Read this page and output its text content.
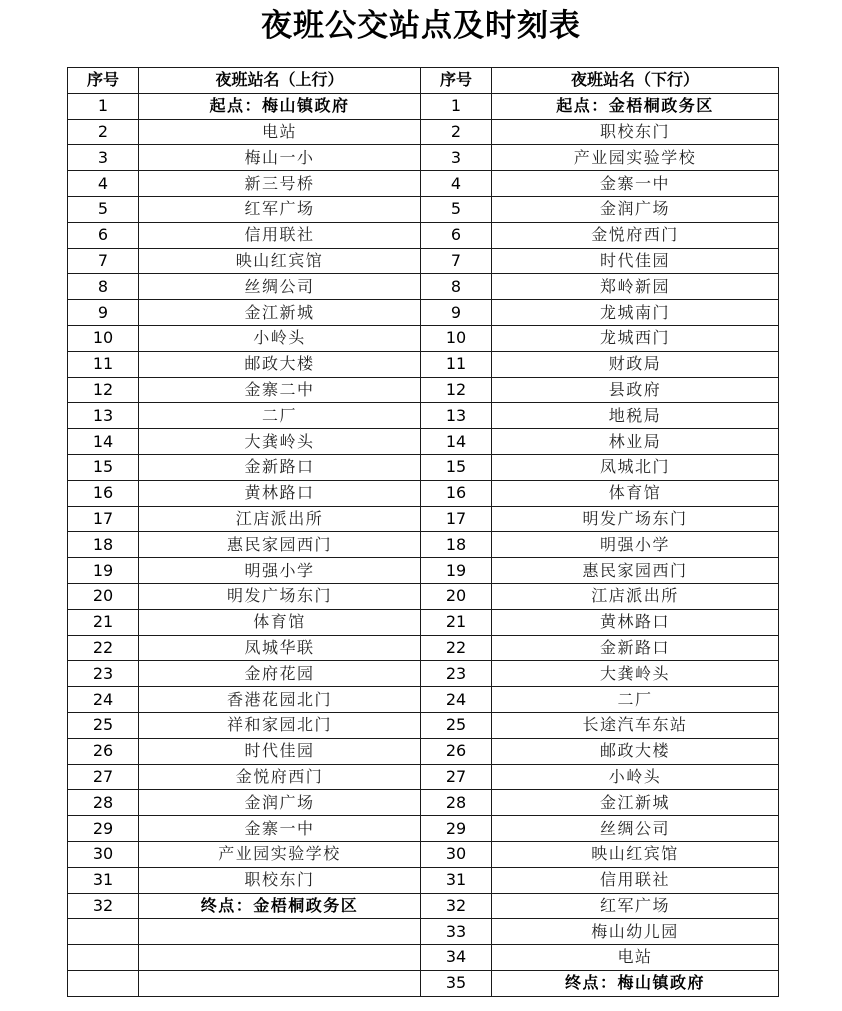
夜班公交站点及时刻表
序号	夜班站名（上行）	序号	夜班站名（下行）
1	起点：梅山镇政府	1	起点：金梧桐政务区
2	电站	2	职校东门
3	梅山一小	3	产业园实验学校
4	新三号桥	4	金寨一中
5	红军广场	5	金润广场
6	信用联社	6	金悦府西门
7	映山红宾馆	7	时代佳园
8	丝绸公司	8	郑岭新园
9	金江新城	9	龙城南门
10	小岭头	10	龙城西门
11	邮政大楼	11	财政局
12	金寨二中	12	县政府
13	二厂	13	地税局
14	大龚岭头	14	林业局
15	金新路口	15	凤城北门
16	黄林路口	16	体育馆
17	江店派出所	17	明发广场东门
18	惠民家园西门	18	明强小学
19	明强小学	19	惠民家园西门
20	明发广场东门	20	江店派出所
21	体育馆	21	黄林路口
22	凤城华联	22	金新路口
23	金府花园	23	大龚岭头
24	香港花园北门	24	二厂
25	祥和家园北门	25	长途汽车东站
26	时代佳园	26	邮政大楼
27	金悦府西门	27	小岭头
28	金润广场	28	金江新城
29	金寨一中	29	丝绸公司
30	产业园实验学校	30	映山红宾馆
31	职校东门	31	信用联社
32	终点：金梧桐政务区	32	红军广场
		33	梅山幼儿园
		34	电站
		35	终点：梅山镇政府
